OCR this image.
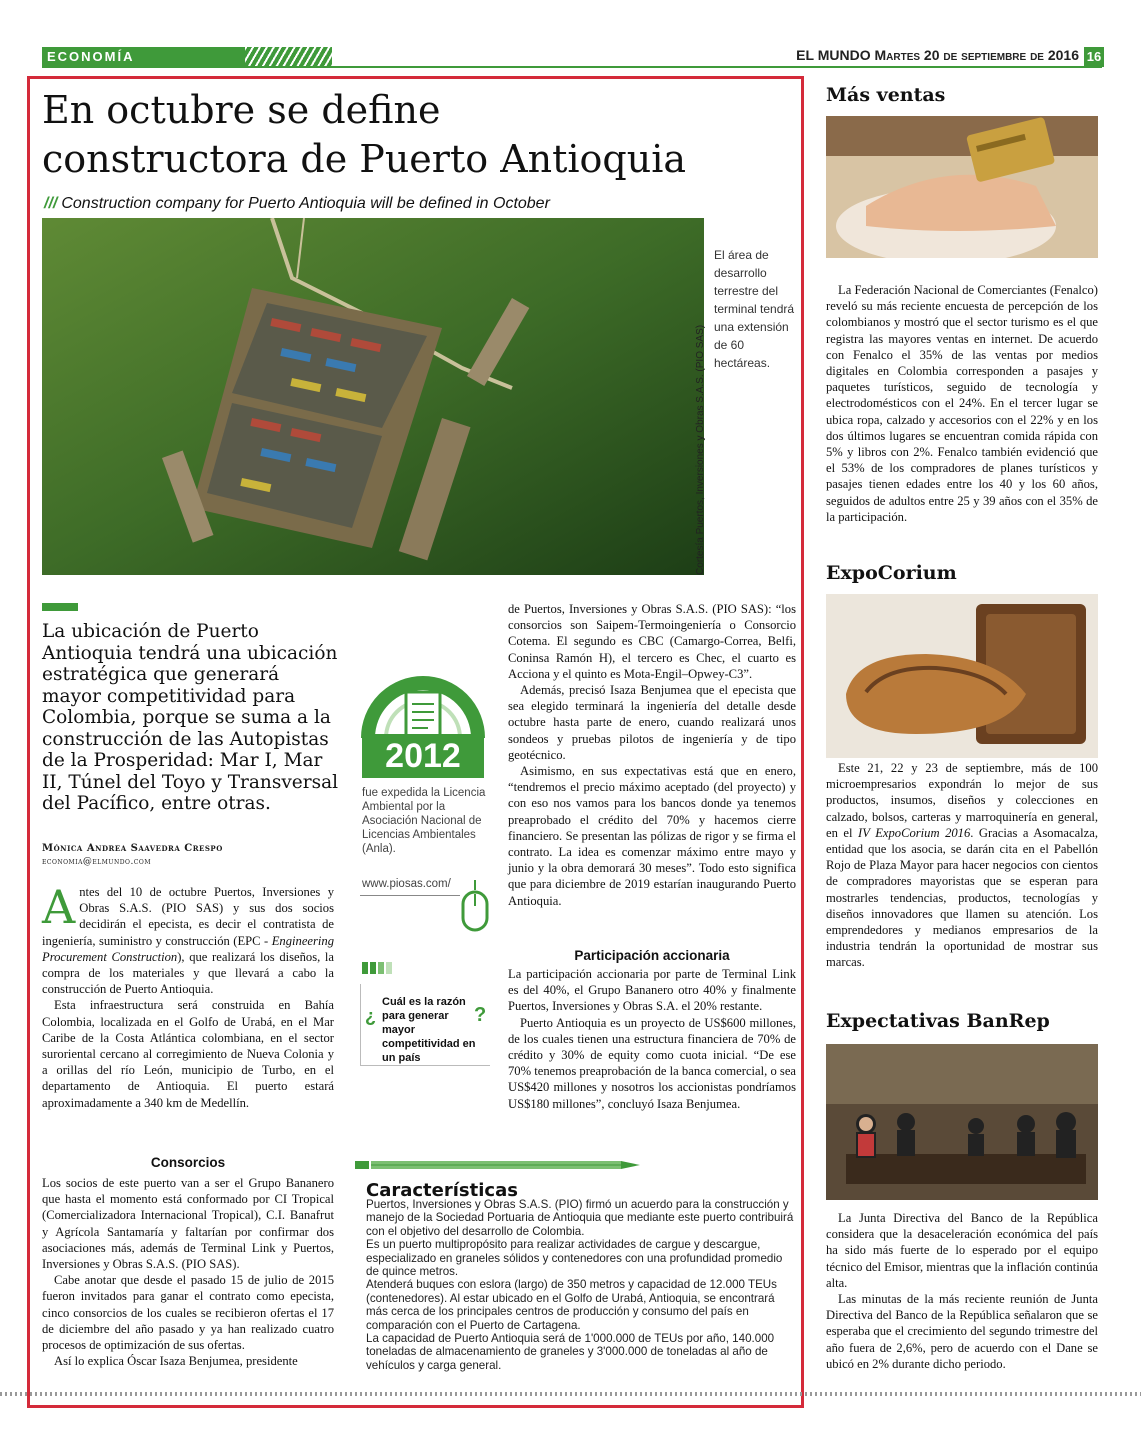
ECONOMÍA	EL MUNDO Martes 20 de septiembre de 2016 16
En octubre se define
constructora de Puerto Antioquia
/// Construction company for Puerto Antioquia will be defined in October
Cortesía Puertos, Inversiones y Obras S.A.S. (PIO SAS)
El área de desarrollo terrestre del terminal tendrá una extensión de 60 hectáreas.
La ubicación de Puerto Antioquia tendrá una ubicación estratégica que generará mayor competitividad para Colombia, porque se suma a la construcción de las Autopistas de la Prosperidad: Mar I, Mar II, Túnel del Toyo y Transversal del Pacífico, entre otras.
Mónica Andrea Saavedra Crespo
economia@elmundo.com

Antes del 10 de octubre Puertos, Inversiones y Obras S.A.S. (PIO SAS) y sus dos socios decidirán el epecista, es decir el contratista de ingeniería, suministro y construcción (EPC - Engineering Procurement Construction), que realizará los diseños, la compra de los materiales y que llevará a cabo la construcción de Puerto Antioquia.

Esta infraestructura será construida en Bahía Colombia, localizada en el Golfo de Urabá, en el Mar Caribe de la Costa Atlántica colombiana, en el sector suroriental cercano al corregimiento de Nueva Colonia y a orillas del río León, municipio de Turbo, en el departamento de Antioquia. El puerto estará aproximadamente a 340 km de Medellín.

Consorcios

Los socios de este puerto van a ser el Grupo Bananero que hasta el momento está conformado por CI Tropical (Comercializadora Internacional Tropical), C.I. Banafrut y Agrícola Santamaría y faltarían por confirmar dos asociaciones más, además de Terminal Link y Puertos, Inversiones y Obras S.A.S. (PIO SAS).

Cabe anotar que desde el pasado 15 de julio de 2015 fueron invitados para ganar el contrato como epecista, cinco consorcios de los cuales se recibieron ofertas el 17 de diciembre del año pasado y ya han realizado cuatro procesos de optimización de sus ofertas.

Así lo explica Óscar Isaza Benjumea, presidente

2012
fue expedida la Licencia Ambiental por la Asociación Nacional de Licencias Ambientales (Anla).
www.piosas.com/
¿
Cuál es la razón para generar mayor competitividad en un país
?

de Puertos, Inversiones y Obras S.A.S. (PIO SAS): “los consorcios son Saipem-Termoingeniería o Consorcio Cotema. El segundo es CBC (Camargo-Correa, Belfi, Coninsa Ramón H), el tercero es Chec, el cuarto es Acciona y el quinto es Mota-Engil–Opwey-C3”.

Además, precisó Isaza Benjumea que el epecista que sea elegido terminará la ingeniería del detalle desde octubre hasta parte de enero, cuando realizará unos sondeos y pruebas pilotos de ingeniería y de tipo geotécnico.

Asimismo, en sus expectativas está que en enero, “tendremos el precio máximo aceptado (del proyecto) y con eso nos vamos para los bancos donde ya tenemos preaprobado el crédito del 70% y hacemos cierre financiero. Se presentan las pólizas de rigor y se firma el contrato. La idea es comenzar máximo entre mayo y junio y la obra demorará 30 meses”. Todo esto significa que para diciembre de 2019 estarían inaugurando Puerto Antioquia.

Participación accionaria

La participación accionaria por parte de Terminal Link es del 40%, el Grupo Bananero otro 40% y finalmente Puertos, Inversiones y Obras S.A. el 20% restante.

Puerto Antioquia es un proyecto de US$600 millones, de los cuales tienen una estructura financiera de 70% de crédito y 30% de equity como cuota inicial. “De ese 70% tenemos preaprobación de la banca comercial, o sea US$420 millones y nosotros los accionistas pondríamos US$180 millones”, concluyó Isaza Benjumea.

Características

Puertos, Inversiones y Obras S.A.S. (PIO) firmó un acuerdo para la construcción y manejo de la Sociedad Portuaria de Antioquia que mediante este puerto contribuirá con el objetivo del desarrollo de Colombia.

Es un puerto multipropósito para realizar actividades de cargue y descargue, especializado en graneles sólidos y contenedores con una profundidad promedio de quince metros.

Atenderá buques con eslora (largo) de 350 metros y capacidad de 12.000 TEUs (contenedores). Al estar ubicado en el Golfo de Urabá, Antioquia, se encontrará más cerca de los principales centros de producción y consumo del país en comparación con el Puerto de Cartagena.

La capacidad de Puerto Antioquia será de 1'000.000 de TEUs por año, 140.000 toneladas de almacenamiento de graneles y 3'000.000 de toneladas al año de vehículos y carga general.

Más ventas

La Federación Nacional de Comerciantes (Fenalco) reveló su más reciente encuesta de percepción de los colombianos y mostró que el sector turismo es el que registra las mayores ventas en internet. De acuerdo con Fenalco el 35% de las ventas por medios digitales en Colombia corresponden a pasajes y paquetes turísticos, seguido de tecnología y electrodomésticos con el 24%. En el tercer lugar se ubica ropa, calzado y accesorios con el 22% y en los dos últimos lugares se encuentran comida rápida con 5% y libros con 2%. Fenalco también evidenció que el 53% de los compradores de planes turísticos y pasajes tienen edades entre los 40 y los 60 años, seguidos de adultos entre 25 y 39 años con el 35% de la participación.

ExpoCorium

Este 21, 22 y 23 de septiembre, más de 100 microempresarios expondrán lo mejor de sus productos, insumos, diseños y colecciones en calzado, bolsos, carteras y marroquinería en general, en el IV ExpoCorium 2016. Gracias a Asomacalza, entidad que los asocia, se darán cita en el Pabellón Rojo de Plaza Mayor para hacer negocios con cientos de compradores mayoristas que se esperan para mostrarles tendencias, productos, tecnologías y diseños innovadores que llamen su atención. Los emprendedores y medianos empresarios de la industria tendrán la oportunidad de mostrar sus marcas.

Expectativas BanRep

La Junta Directiva del Banco de la República considera que la desaceleración económica del país ha sido más fuerte de lo esperado por el equipo técnico del Emisor, mientras que la inflación continúa alta.

Las minutas de la más reciente reunión de Junta Directiva del Banco de la República señalaron que se esperaba que el crecimiento del segundo trimestre del año fuera de 2,6%, pero de acuerdo con el Dane se ubicó en 2% durante dicho periodo.
